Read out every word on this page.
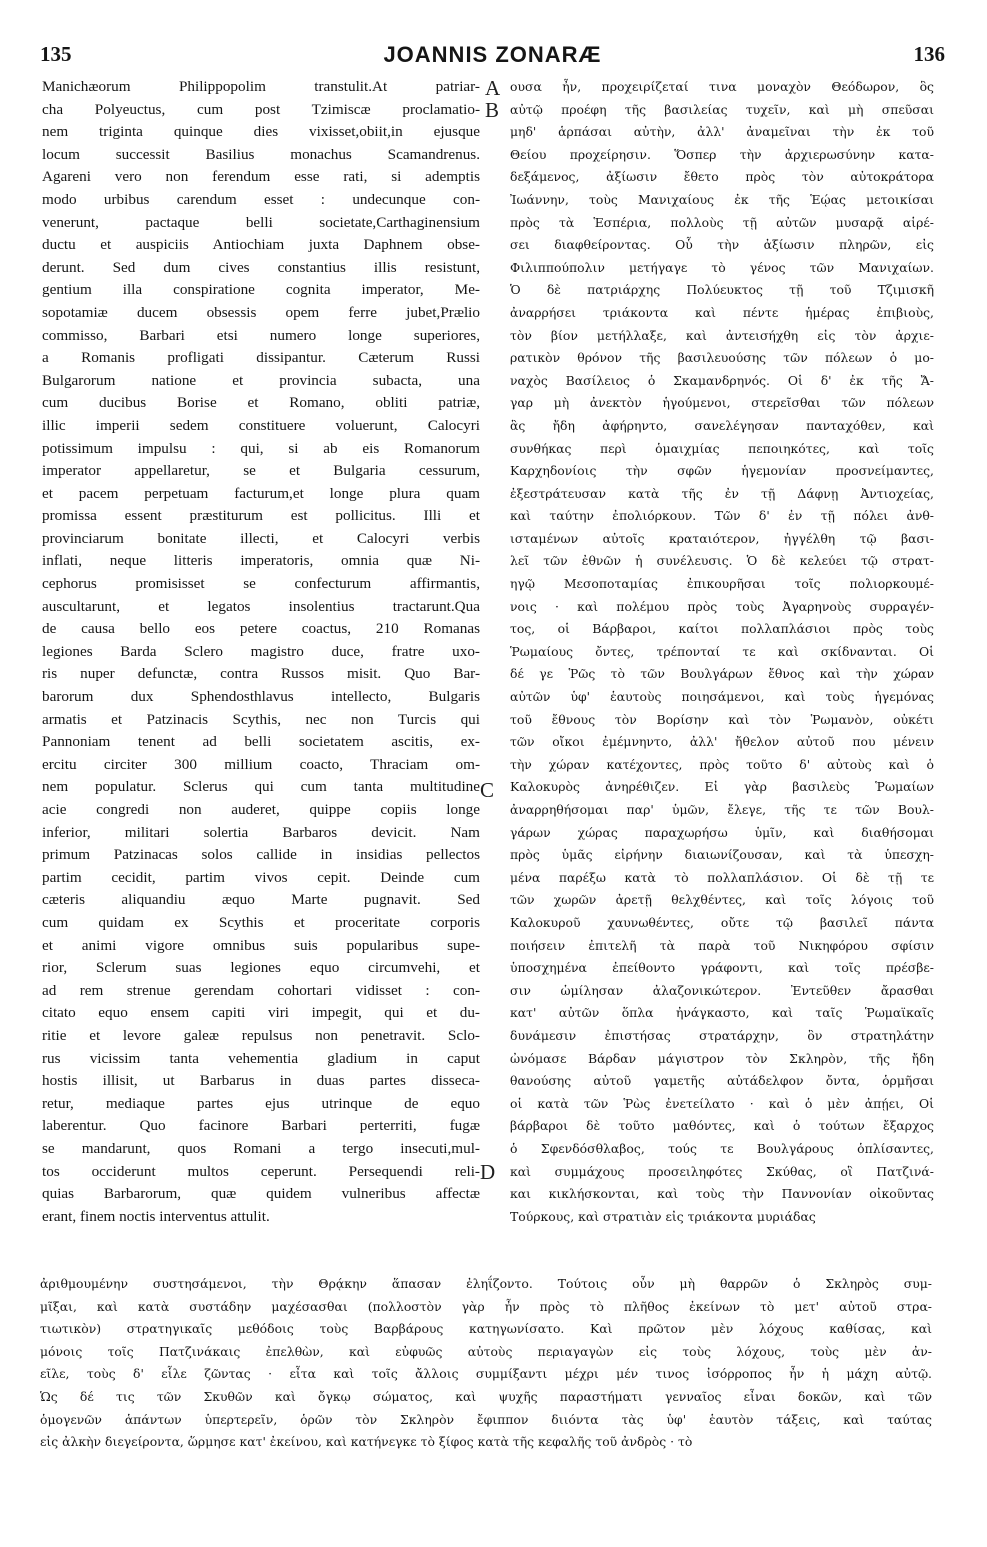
135	JOANNIS ZONARÆ	136
Manichæorum Philippopolim transtulit.At patriar-
cha Polyeuctus, cum post Tzimiscæ proclamatio-
nem triginta quinque dies vixisset,obiit,in ejusque
locum successit Basilius monachus Scamandrenus.
Agareni vero non ferendum esse rati, si ademptis
modo urbibus carendum esset : undecunque con-
venerunt, pactaque belli societate,Carthaginensium
ductu et auspiciis Antiochiam juxta Daphnem obse-
derunt. Sed dum cives constantius illis resistunt,
gentium illa conspiratione cognita imperator, Me-
sopotamiæ ducem obsessis opem ferre jubet,Prælio
commisso, Barbari etsi numero longe superiores,
a Romanis profligati dissipantur. Cæterum Russi
Bulgarorum natione et provincia subacta, una
cum ducibus Borise et Romano, obliti patriæ,
illic imperii sedem constituere voluerunt, Calocyri
potissimum impulsu : qui, si ab eis Romanorum
imperator appellaretur, se et Bulgaria cessurum,
et pacem perpetuam facturum,et longe plura quam
promissa essent præstiturum est pollicitus. Illi et
provinciarum bonitate illecti, et Calocyri verbis
inflati, neque litteris imperatoris, omnia quæ Ni-
cephorus promisisset se confecturum affirmantis,
auscultarunt, et legatos insolentius tractarunt.Qua
de causa bello eos petere coactus, 210 Romanas
legiones Barda Sclero magistro duce, fratre uxo-
ris nuper defunctæ, contra Russos misit. Quo Bar-
barorum dux Sphendosthlavus intellecto, Bulgaris
armatis et Patzinacis Scythis, nec non Turcis qui
Pannoniam tenent ad belli societatem ascitis, ex-
ercitu circiter 300 millium coacto, Thraciam om-
nem populatur. Sclerus qui cum tanta multitudine
acie congredi non auderet, quippe copiis longe
inferior, militari solertia Barbaros devicit. Nam
primum Patzinacas solos callide in insidias pellectos
partim cecidit, partim vivos cepit. Deinde cum
cæteris aliquandiu æquo Marte pugnavit. Sed
cum quidam ex Scythis et proceritate corporis
et animi vigore omnibus suis popularibus supe-
rior, Sclerum suas legiones equo circumvehi, et
ad rem strenue gerendam cohortari vidisset : con-
citato equo ensem capiti viri impegit, qui et du-
ritie et levore galeæ repulsus non penetravit. Sclo-
rus vicissim tanta vehementia gladium in caput
hostis illisit, ut Barbarus in duas partes dissecа-
retur, mediaque partes ejus utrinque de equo
laberentur. Quo facinore Barbari perterriti, fugæ
se mandarunt, quos Romani a tergo insecuti,mul-
tos occiderunt multos ceperunt. Persequendi reli-
quias Barbarorum, quæ quidem vulneribus affectæ
erant, finem noctis interventus attulit.
ουσα ἦν, προχειρίζεταί τινα μοναχὸν Θεόδωρον, ὃς
αὐτῷ προέφη τῆς βασιλείας τυχεῖν, καὶ μὴ σπεῦσαι
μηδ' ἁρπάσαι αὐτὴν, ἀλλ' ἀναμεῖναι τὴν ἐκ τοῦ
Θείου προχείρησιν. Ὅσπερ τὴν ἀρχιερωσύνην κατα-
δεξάμενος, ἀξίωσιν ἔθετο πρὸς τὸν αὐτοκράτορα
Ἰωάννην, τοὺς Μανιχαίους ἐκ τῆς Ἑῴας μετοικίσαι
πρὸς τὰ Ἑσπέρια, πολλοὺς τῇ αὐτῶν μυσαρᾷ αἱρέ-
σει διαφθείροντας. Οὗ τὴν ἀξίωσιν πληρῶν, εἰς
Φιλιππούπολιν μετήγαγε τὸ γένος τῶν Μανιχαίων.
Ὁ δὲ πατριάρχης Πολύευκτος τῇ τοῦ Τζιμισκῆ
ἀναρρήσει τριάκοντα καὶ πέντε ἡμέρας ἐπιβιοὺς,
τὸν βίον μετήλλαξε, καὶ ἀντεισήχθη εἰς τὸν ἀρχιε-
ρατικὸν θρόνον τῆς βασιλευούσης τῶν πόλεων ὁ μο-
ναχὸς Βασίλειος ὁ Σκαμανδρηνός. Οἱ δ' ἐκ τῆς Ἄ-
γαρ μὴ ἀνεκτὸν ἡγούμενοι, στερεῖσθαι τῶν πόλεων
ἃς ἤδη ἀφήρηντο, σανελέγησαν πανταχόθεν, καὶ
συνθήκας περὶ ὁμαιχμίας πεποιηκότες, καὶ τοῖς
Καρχηδονίοις τὴν σφῶν ἡγεμονίαν προσνείμαντες,
ἐξεστράτευσαν κατὰ τῆς ἐν τῇ Δάφνῃ Ἀντιοχείας,
καὶ ταύτην ἐπολιόρκουν. Τῶν δ' ἐν τῇ πόλει ἀνθ-
ισταμένων αὐτοῖς κραταιότερον, ἠγγέλθη τῷ βασι-
λεῖ τῶν ἐθνῶν ἡ συνέλευσις. Ὁ δὲ κελεύει τῷ στρατ-
ηγῷ Μεσοποταμίας ἐπικουρῆσαι τοῖς πολιορκουμέ-
νοις · καὶ πολέμου πρὸς τοὺς Ἀγαρηνοὺς συρραγέν-
τος, οἱ Βάρβαροι, καίτοι πολλαπλάσιοι πρὸς τοὺς
Ῥωμαίους ὄντες, τρέπονταί τε καὶ σκίδνανται. Οἱ
δέ γε Ῥῶς τὸ τῶν Βουλγάρων ἔθνος καὶ τὴν χώραν
αὐτῶν ὑφ' ἑαυτοὺς ποιησάμενοι, καὶ τοὺς ἡγεμόνας
τοῦ ἔθνους τὸν Βορίσην καὶ τὸν Ῥωμανὸν, οὐκέτι
τῶν οἴκοι ἐμέμνηντο, ἀλλ' ἤθελον αὐτοῦ που μένειν
τὴν χώραν κατέχοντες, πρὸς τοῦτο δ' αὐτοὺς καὶ ὁ
Καλοκυρὸς ἀνηρέθιζεν. Εἰ γὰρ βασιλεὺς Ῥωμαίων
ἀναρρηθήσομαι παρ' ὑμῶν, ἔλεγε, τῆς τε τῶν Βουλ-
γάρων χώρας παραχωρήσω ὑμῖν, καὶ διαθήσομαι
πρὸς ὑμᾶς εἰρήνην διαιωνίζουσαν, καὶ τὰ ὑπεσχη-
μένα παρέξω κατὰ τὸ πολλαπλάσιον. Οἱ δὲ τῇ τε
τῶν χωρῶν ἀρετῇ θελχθέντες, καὶ τοῖς λόγοις τοῦ
Καλοκυροῦ χαυνωθέντες, οὔτε τῷ βασιλεῖ πάντα
ποιήσειν ἐπιτελῆ τὰ παρὰ τοῦ Νικηφόρου σφίσιν
ὑποσχημένα ἐπείθοντο γράφοντι, καὶ τοῖς πρέσβε-
σιν ὡμίλησαν ἀλαζονικώτερον. Ἐντεῦθεν ἄρασθαι
κατ' αὐτῶν ὅπλα ἠνάγκαστο, καὶ ταῖς Ῥωμαϊκαῖς
δυνάμεσιν ἐπιστήσας στρατάρχην, ὃν στρατηλάτην
ὠνόμασε Βάρδαν μάγιστρον τὸν Σκληρὸν, τῆς ἤδη
θανούσης αὐτοῦ γαμετῆς αὐτάδελφον ὄντα, ὁρμῆσαι
οἱ κατὰ τῶν Ῥὼς ἐνετείλατο · καὶ ὁ μὲν ἀπῄει, Οἱ
βάρβαροι δὲ τοῦτο μαθόντες, καὶ ὁ τούτων ἔξαρχος
ὁ Σφενδόσθλαβος, τούς τε Βουλγάρους ὁπλίσαντες,
καὶ συμμάχους προσειληφότες Σκύθας, οἳ Πατζινά-
και κικλήσκονται, καὶ τοὺς τὴν Παννονίαν οἰκοῦντας
Τούρκους, καὶ στρατιὰν εἰς τριάκοντα μυριάδας
A
B
C
D
ἀριθμουμένην συστησάμενοι, τὴν Θρᾴκην ἅπασαν ἐληΐζοντο. Τούτοις οὖν μὴ θαρρῶν ὁ Σκληρὸς συμ-
μῖξαι, καὶ κατὰ συστάδην μαχέσασθαι (πολλοστὸν γὰρ ἦν πρὸς τὸ πλῆθος ἐκείνων τὸ μετ' αὐτοῦ στρα-
τιωτικὸν) στρατηγικαῖς μεθόδοις τοὺς Βαρβάρους κατηγωνίσατο. Καὶ πρῶτον μὲν λόχους καθίσας, καὶ
μόνοις τοῖς Πατζινάκαις ἐπελθὼν, καὶ εὐφυῶς αὐτοὺς περιαγαγὼν εἰς τοὺς λόχους, τοὺς μὲν ἀν-
εῖλε, τοὺς δ' εἷλε ζῶντας · εἶτα καὶ τοῖς ἄλλοις συμμίξαντι μέχρι μέν τινος ἰσόρροπος ἦν ἡ μάχη αὐτῷ.
Ὡς δέ τις τῶν Σκυθῶν καὶ ὄγκῳ σώματος, καὶ ψυχῆς παραστήματι γενναῖος εἶναι δοκῶν, καὶ τῶν
ὁμογενῶν ἁπάντων ὑπερτερεῖν, ὁρῶν τὸν Σκληρὸν ἔφιππον διιόντα τὰς ὑφ' ἑαυτὸν τάξεις, καὶ ταύτας
εἰς ἀλκὴν διεγείροντα, ὥρμησε κατ' ἐκείνου, καὶ κατήνεγκε τὸ ξίφος κατὰ τῆς κεφαλῆς τοῦ ἀνδρὸς · τὸ
